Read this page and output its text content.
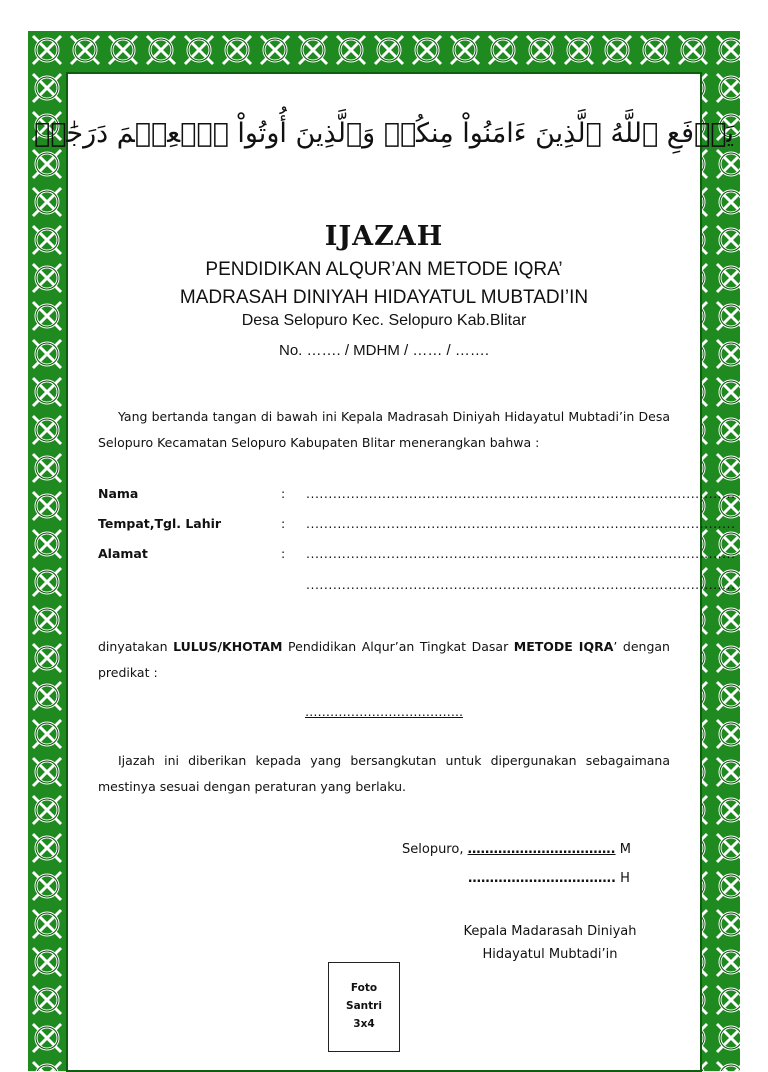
يَرۡفَعِ ٱللَّهُ ٱلَّذِينَ ءَامَنُواْ مِنكُمۡ وَٱلَّذِينَ أُوتُواْ ٱلۡعِلۡمَ دَرَجَٰتٖ
IJAZAH
PENDIDIKAN ALQUR’AN METODE IQRA’
MADRASAH DINIYAH HIDAYATUL MUBTADI’IN
Desa Selopuro Kec. Selopuro Kab.Blitar
No. ……. / MDHM / …… / …….
Yang bertanda tangan di bawah ini Kepala Madrasah Diniyah Hidayatul Mubtadi’in Desa Selopuro Kecamatan Selopuro Kabupaten Blitar menerangkan bahwa :
Nama	: ................................................................................................
Tempat,Tgl. Lahir	: ................................................................................................
Alamat	: ................................................................................................
................................................................................................
dinyatakan LULUS/KHOTAM Pendidikan Alqur’an Tingkat Dasar METODE IQRA’ dengan predikat :
………………………………..
Ijazah ini diberikan kepada yang bersangkutan untuk dipergunakan sebagaimana mestinya sesuai dengan peraturan yang berlaku.
Selopuro, ……………………………. M
……………………………. H
Kepala Madarasah Diniyah
Hidayatul Mubtadi’in
Foto
Santri
3x4
